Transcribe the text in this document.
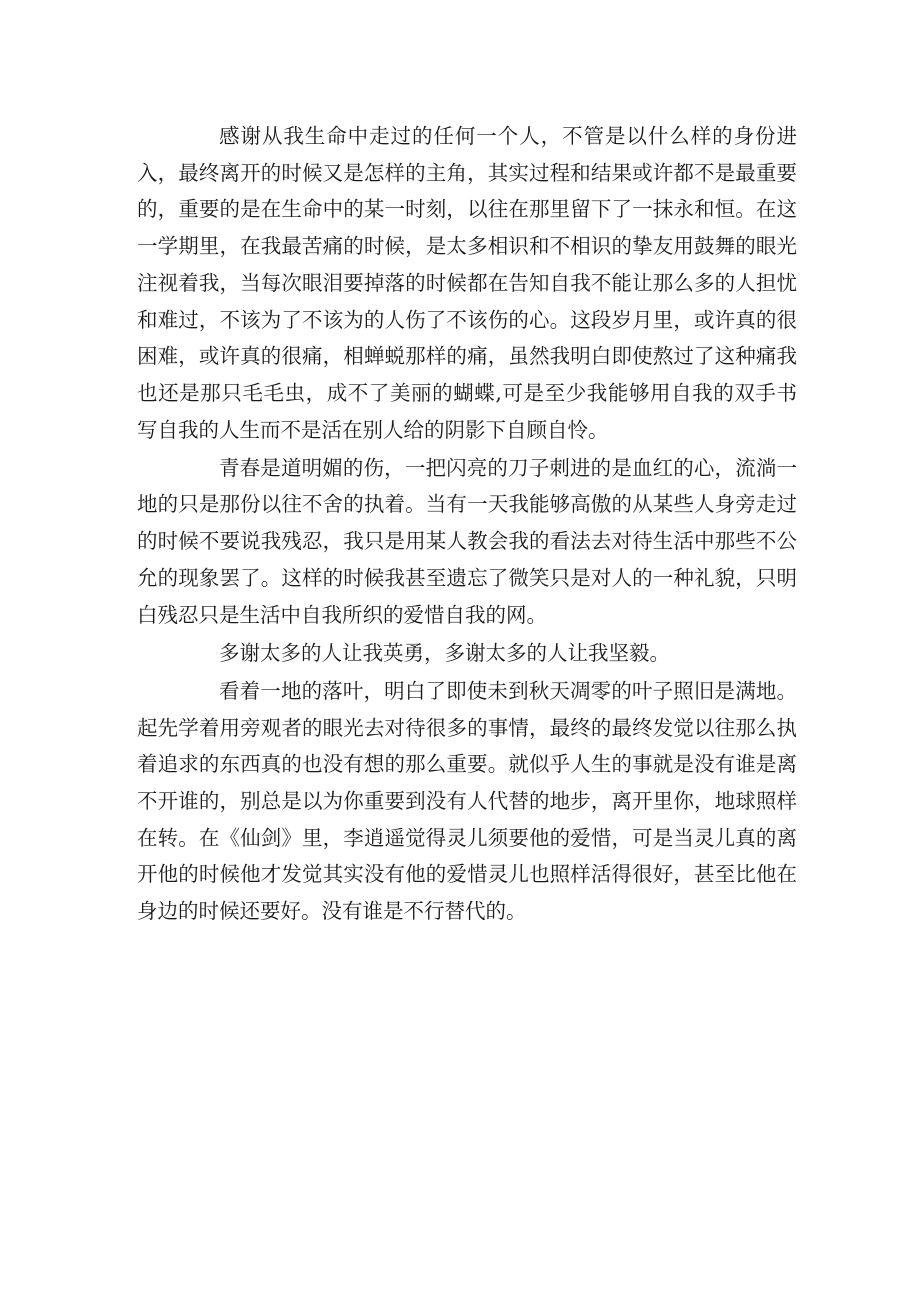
感谢从我生命中走过的任何一个人，不管是以什么样的身份进入，最终离开的时候又是怎样的主角，其实过程和结果或许都不是最重要的，重要的是在生命中的某一时刻，以往在那里留下了一抹永和恒。在这一学期里，在我最苦痛的时候，是太多相识和不相识的挚友用鼓舞的眼光注视着我，当每次眼泪要掉落的时候都在告知自我不能让那么多的人担忧和难过，不该为了不该为的人伤了不该伤的心。这段岁月里，或许真的很困难，或许真的很痛，相蝉蜕那样的痛，虽然我明白即使熬过了这种痛我也还是那只毛毛虫，成不了美丽的蝴蝶,可是至少我能够用自我的双手书写自我的人生而不是活在别人给的阴影下自顾自怜。

青春是道明媚的伤，一把闪亮的刀子刺进的是血红的心，流淌一地的只是那份以往不舍的执着。当有一天我能够高傲的从某些人身旁走过的时候不要说我残忍，我只是用某人教会我的看法去对待生活中那些不公允的现象罢了。这样的时候我甚至遗忘了微笑只是对人的一种礼貌，只明白残忍只是生活中自我所织的爱惜自我的网。

多谢太多的人让我英勇，多谢太多的人让我坚毅。

看着一地的落叶，明白了即使未到秋天凋零的叶子照旧是满地。起先学着用旁观者的眼光去对待很多的事情，最终的最终发觉以往那么执着追求的东西真的也没有想的那么重要。就似乎人生的事就是没有谁是离不开谁的，别总是以为你重要到没有人代替的地步，离开里你，地球照样在转。在《仙剑》里，李逍遥觉得灵儿须要他的爱惜，可是当灵儿真的离开他的时候他才发觉其实没有他的爱惜灵儿也照样活得很好，甚至比他在身边的时候还要好。没有谁是不行替代的。
